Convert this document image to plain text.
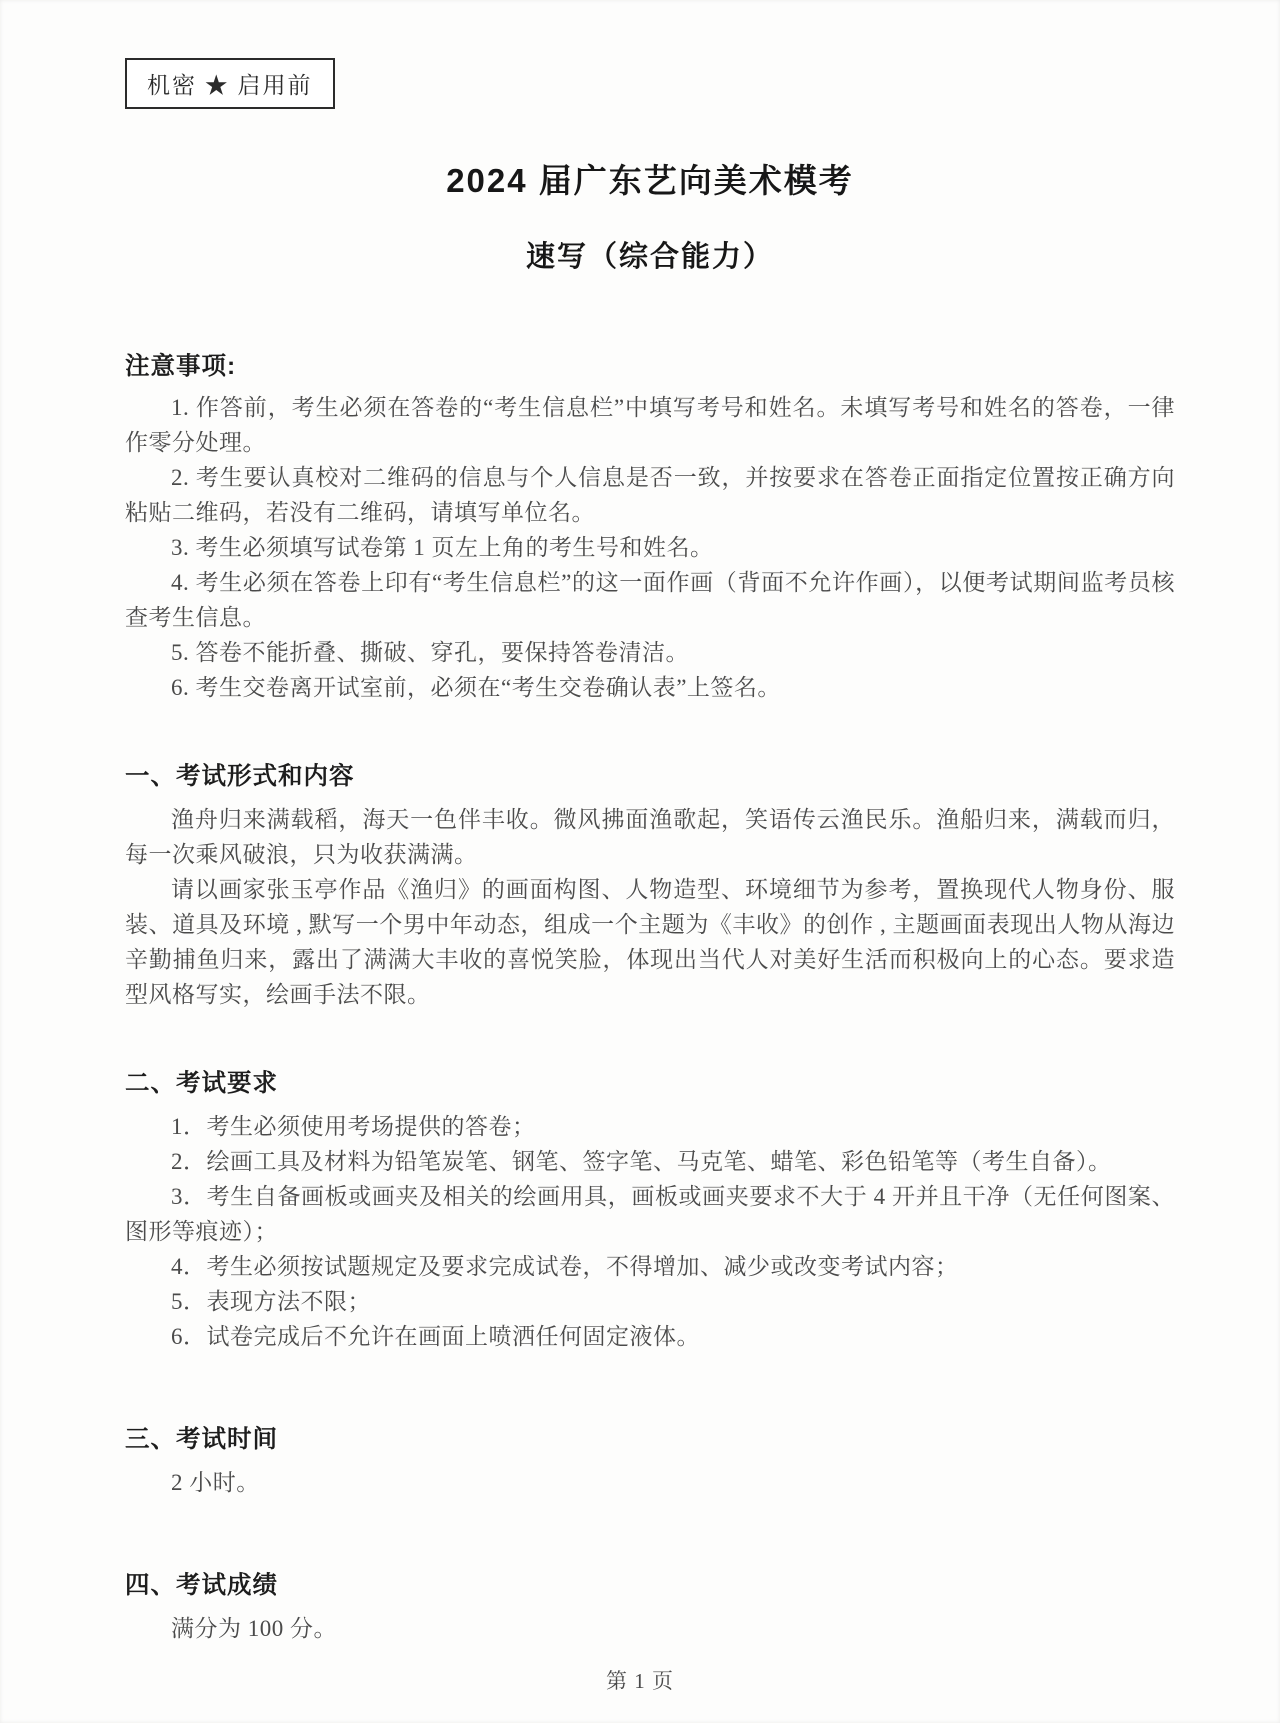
机密 ★ 启用前
2024 届广东艺向美术模考
速写（综合能力）
注意事项:

1. 作答前，考生必须在答卷的“考生信息栏”中填写考号和姓名。未填写考号和姓名的答卷，一律作零分处理。

2. 考生要认真校对二维码的信息与个人信息是否一致，并按要求在答卷正面指定位置按正确方向粘贴二维码，若没有二维码，请填写单位名。

3. 考生必须填写试卷第 1 页左上角的考生号和姓名。

4. 考生必须在答卷上印有“考生信息栏”的这一面作画（背面不允许作画），以便考试期间监考员核查考生信息。

5. 答卷不能折叠、撕破、穿孔，要保持答卷清洁。

6. 考生交卷离开试室前，必须在“考生交卷确认表”上签名。

一、考试形式和内容

渔舟归来满载稻，海天一色伴丰收。微风拂面渔歌起，笑语传云渔民乐。渔船归来，满载而归，每一次乘风破浪，只为收获满满。

请以画家张玉亭作品《渔归》的画面构图、人物造型、环境细节为参考，置换现代人物身份、服装、道具及环境 , 默写一个男中年动态，组成一个主题为《丰收》的创作 , 主题画面表现出人物从海边辛勤捕鱼归来，露出了满满大丰收的喜悦笑脸，体现出当代人对美好生活而积极向上的心态。要求造型风格写实，绘画手法不限。

二、考试要求

1．考生必须使用考场提供的答卷；

2．绘画工具及材料为铅笔炭笔、钢笔、签字笔、马克笔、蜡笔、彩色铅笔等（考生自备）。

3．考生自备画板或画夹及相关的绘画用具，画板或画夹要求不大于 4 开并且干净（无任何图案、图形等痕迹）；

4．考生必须按试题规定及要求完成试卷，不得增加、减少或改变考试内容；

5．表现方法不限；

6．试卷完成后不允许在画面上喷洒任何固定液体。

三、考试时间

2 小时。

四、考试成绩

满分为 100 分。

第 1 页
